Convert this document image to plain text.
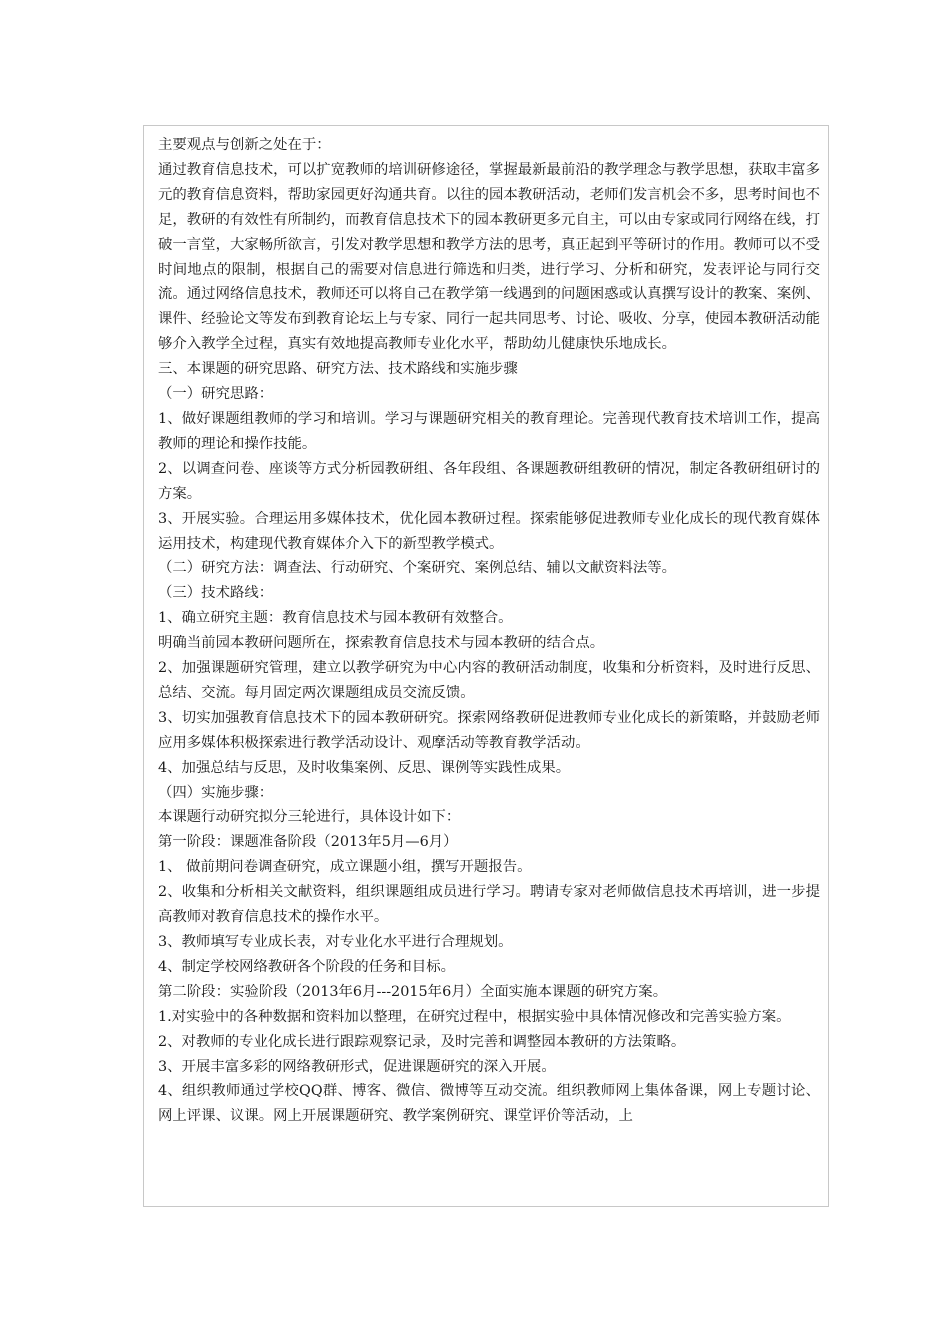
主要观点与创新之处在于：

通过教育信息技术，可以扩宽教师的培训研修途径，掌握最新最前沿的教学理念与教学思想，获取丰富多元的教育信息资料，帮助家园更好沟通共育。以往的园本教研活动，老师们发言机会不多，思考时间也不足，教研的有效性有所制约，而教育信息技术下的园本教研更多元自主，可以由专家或同行网络在线，打破一言堂，大家畅所欲言，引发对教学思想和教学方法的思考，真正起到平等研讨的作用。教师可以不受时间地点的限制，根据自己的需要对信息进行筛选和归类，进行学习、分析和研究，发表评论与同行交流。通过网络信息技术，教师还可以将自己在教学第一线遇到的问题困惑或认真撰写设计的教案、案例、课件、经验论文等发布到教育论坛上与专家、同行一起共同思考、讨论、吸收、分享，使园本教研活动能够介入教学全过程，真实有效地提高教师专业化水平，帮助幼儿健康快乐地成长。

三、本课题的研究思路、研究方法、技术路线和实施步骤

（一）研究思路：

1、做好课题组教师的学习和培训。学习与课题研究相关的教育理论。完善现代教育技术培训工作，提高教师的理论和操作技能。

2、以调查问卷、座谈等方式分析园教研组、各年段组、各课题教研组教研的情况，制定各教研组研讨的方案。

3、开展实验。合理运用多媒体技术，优化园本教研过程。探索能够促进教师专业化成长的现代教育媒体运用技术，构建现代教育媒体介入下的新型教学模式。

（二）研究方法：调查法、行动研究、个案研究、案例总结、辅以文献资料法等。

（三）技术路线：

1、确立研究主题：教育信息技术与园本教研有效整合。

明确当前园本教研问题所在，探索教育信息技术与园本教研的结合点。

2、加强课题研究管理，建立以教学研究为中心内容的教研活动制度，收集和分析资料，及时进行反思、总结、交流。每月固定两次课题组成员交流反馈。

3、切实加强教育信息技术下的园本教研研究。探索网络教研促进教师专业化成长的新策略，并鼓励老师应用多媒体积极探索进行教学活动设计、观摩活动等教育教学活动。

4、加强总结与反思，及时收集案例、反思、课例等实践性成果。

（四）实施步骤：

本课题行动研究拟分三轮进行，具体设计如下：

第一阶段：课题准备阶段（2013年5月—6月）

1、 做前期问卷调查研究，成立课题小组，撰写开题报告。

2、收集和分析相关文献资料，组织课题组成员进行学习。聘请专家对老师做信息技术再培训，进一步提高教师对教育信息技术的操作水平。

3、教师填写专业成长表，对专业化水平进行合理规划。

4、制定学校网络教研各个阶段的任务和目标。

第二阶段：实验阶段（2013年6月---2015年6月）全面实施本课题的研究方案。

1.对实验中的各种数据和资料加以整理，在研究过程中，根据实验中具体情况修改和完善实验方案。

2、对教师的专业化成长进行跟踪观察记录，及时完善和调整园本教研的方法策略。

3、开展丰富多彩的网络教研形式，促进课题研究的深入开展。

4、组织教师通过学校QQ群、博客、微信、微博等互动交流。组织教师网上集体备课，网上专题讨论、网上评课、议课。网上开展课题研究、教学案例研究、课堂评价等活动，上
